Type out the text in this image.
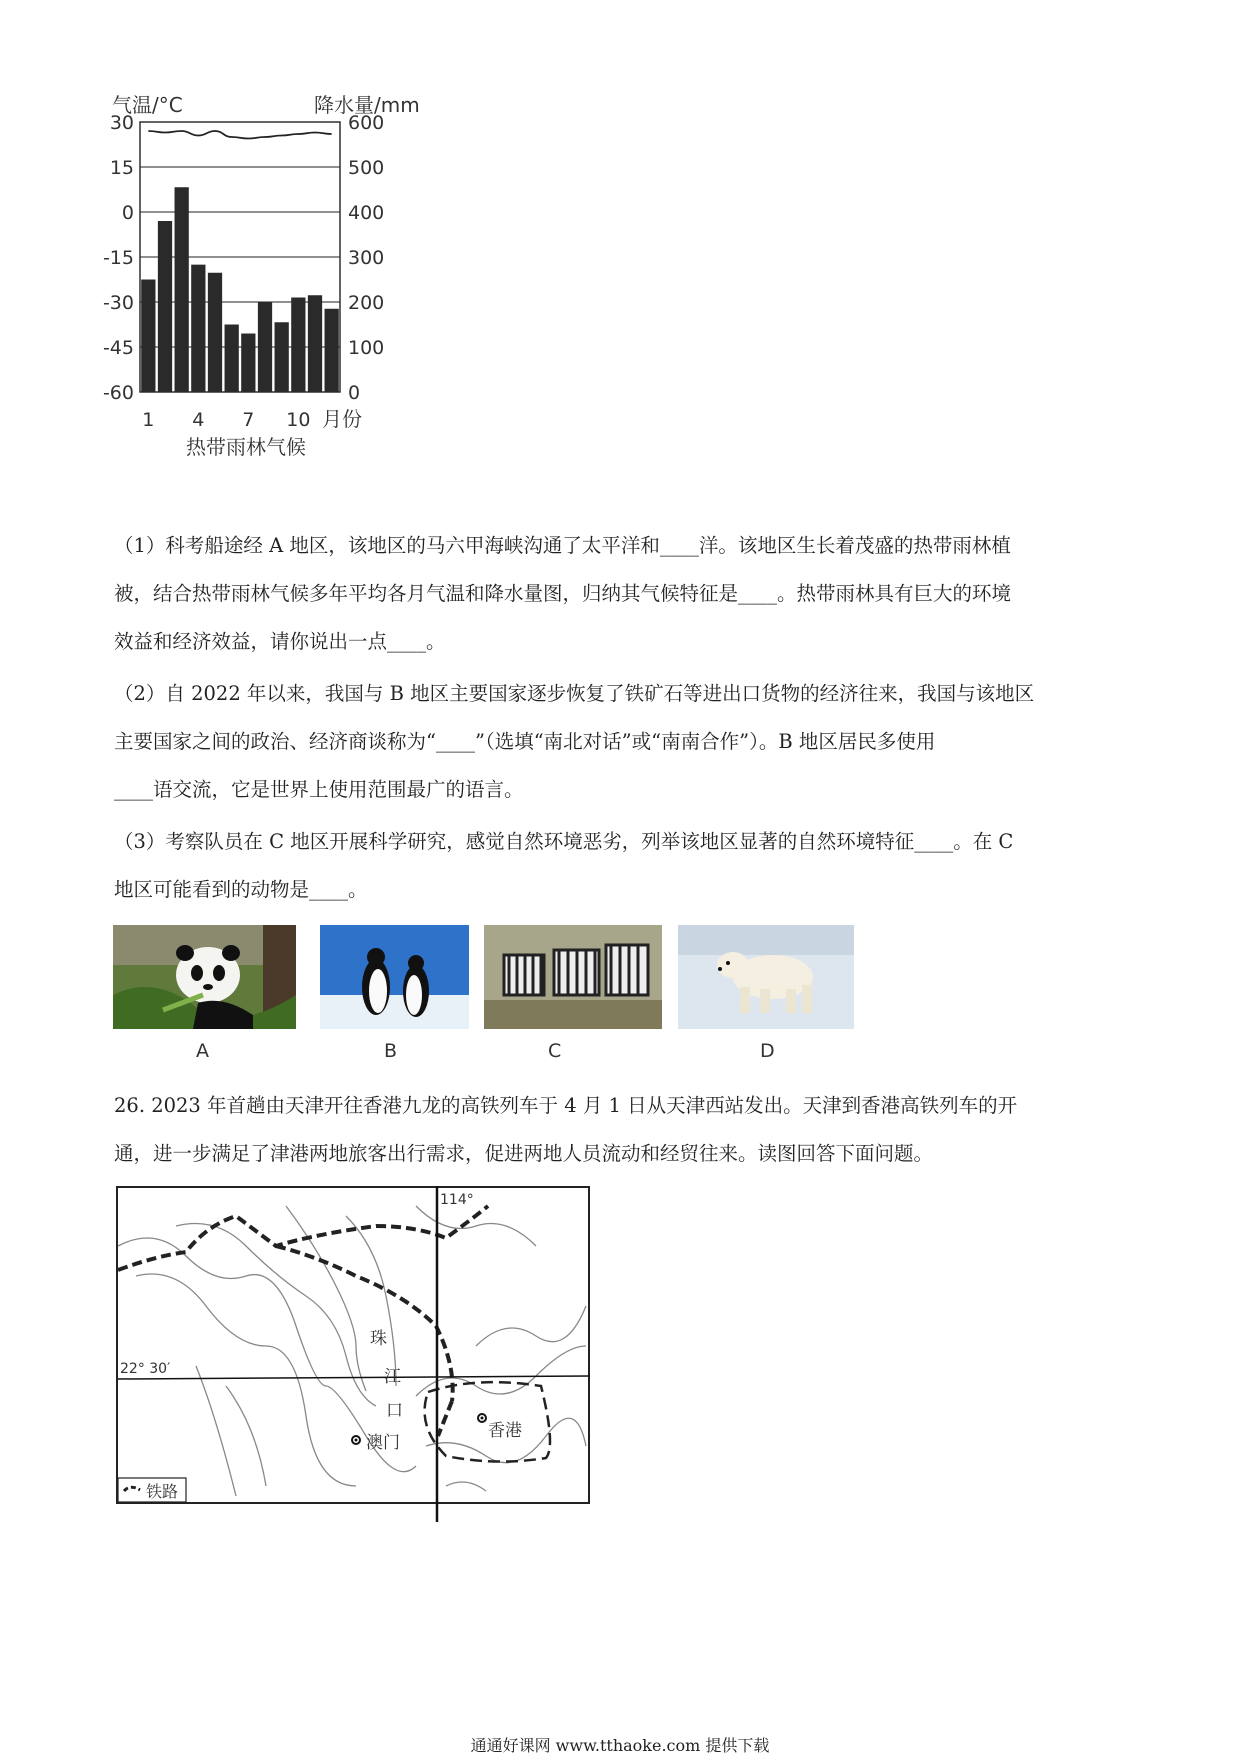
气温/°C	降水量/mm
30
15
0
-15
-30
-45
-60
600
500
400
300
200
100
0
1 4 7 10 月份
热带雨林气候
（1）科考船途经 A 地区，该地区的马六甲海峡沟通了太平洋和____洋。该地区生长着茂盛的热带雨林植
被，结合热带雨林气候多年平均各月气温和降水量图，归纳其气候特征是____。热带雨林具有巨大的环境
效益和经济效益，请你说出一点____。
（2）自 2022 年以来，我国与 B 地区主要国家逐步恢复了铁矿石等进出口货物的经济往来，我国与该地区
主要国家之间的政治、经济商谈称为“____”（选填“南北对话”或“南南合作”）。B 地区居民多使用
____语交流，它是世界上使用范围最广的语言。
（3）考察队员在 C 地区开展科学研究，感觉自然环境恶劣，列举该地区显著的自然环境特征____。在 C
地区可能看到的动物是____。
A	B	C	D
26. 2023 年首趟由天津开往香港九龙的高铁列车于 4 月 1 日从天津西站发出。天津到香港高铁列车的开
通，进一步满足了津港两地旅客出行需求，促进两地人员流动和经贸往来。读图回答下面问题。
114°
22° 30′
珠
江
口
澳门
香港
铁路
通通好课网 www.tthaoke.com 提供下载
